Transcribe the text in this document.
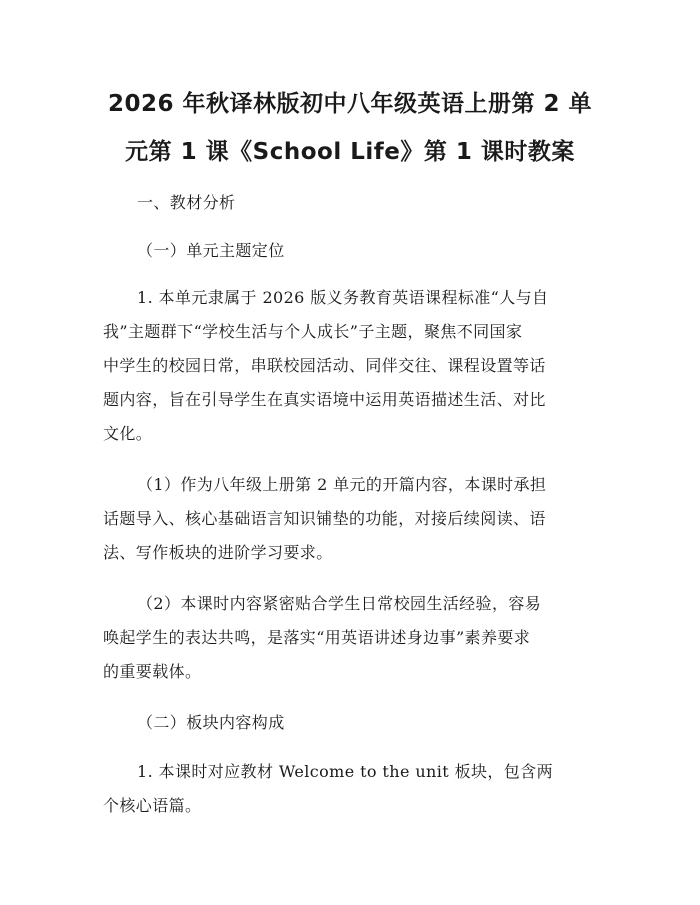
2026 年秋译林版初中八年级英语上册第 2 单
元第 1 课《School Life》第 1 课时教案

一、教材分析

（一）单元主题定位

1. 本单元隶属于 2026 版义务教育英语课程标准“人与自
我”主题群下“学校生活与个人成长”子主题，聚焦不同国家
中学生的校园日常，串联校园活动、同伴交往、课程设置等话
题内容，旨在引导学生在真实语境中运用英语描述生活、对比
文化。

（1）作为八年级上册第 2 单元的开篇内容，本课时承担
话题导入、核心基础语言知识铺垫的功能，对接后续阅读、语
法、写作板块的进阶学习要求。

（2）本课时内容紧密贴合学生日常校园生活经验，容易
唤起学生的表达共鸣，是落实“用英语讲述身边事”素养要求
的重要载体。

（二）板块内容构成

1. 本课时对应教材 Welcome to the unit 板块，包含两
个核心语篇。
